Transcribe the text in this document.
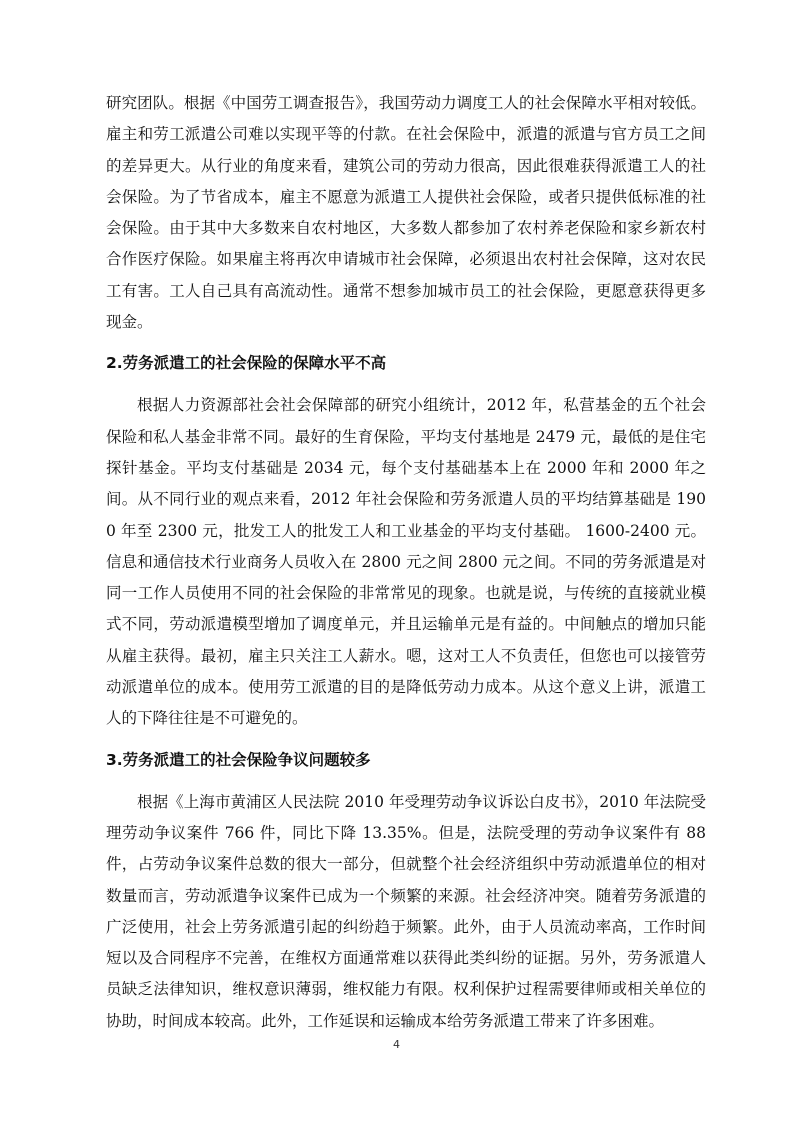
研究团队。根据《中国劳工调查报告》，我国劳动力调度工人的社会保障水平相对较低。雇主和劳工派遣公司难以实现平等的付款。在社会保险中，派遣的派遣与官方员工之间的差异更大。从行业的角度来看，建筑公司的劳动力很高，因此很难获得派遣工人的社会保险。为了节省成本，雇主不愿意为派遣工人提供社会保险，或者只提供低标准的社会保险。由于其中大多数来自农村地区，大多数人都参加了农村养老保险和家乡新农村合作医疗保险。如果雇主将再次申请城市社会保障，必须退出农村社会保障，这对农民工有害。工人自己具有高流动性。通常不想参加城市员工的社会保险，更愿意获得更多现金。

2.劳务派遣工的社会保险的保障水平不高

根据人力资源部社会社会保障部的研究小组统计，2012 年，私营基金的五个社会保险和私人基金非常不同。最好的生育保险，平均支付基地是 2479 元，最低的是住宅探针基金。平均支付基础是 2034 元，每个支付基础基本上在 2000 年和 2000 年之间。从不同行业的观点来看，2012 年社会保险和劳务派遣人员的平均结算基础是 1900 年至 2300 元，批发工人的批发工人和工业基金的平均支付基础。 1600-2400 元。信息和通信技术行业商务人员收入在 2800 元之间 2800 元之间。不同的劳务派遣是对同一工作人员使用不同的社会保险的非常常见的现象。也就是说，与传统的直接就业模式不同，劳动派遣模型增加了调度单元，并且运输单元是有益的。中间触点的增加只能从雇主获得。最初，雇主只关注工人薪水。嗯，这对工人不负责任，但您也可以接管劳动派遣单位的成本。使用劳工派遣的目的是降低劳动力成本。从这个意义上讲，派遣工人的下降往往是不可避免的。

3.劳务派遣工的社会保险争议问题较多

根据《上海市黄浦区人民法院 2010 年受理劳动争议诉讼白皮书》，2010 年法院受理劳动争议案件 766 件，同比下降 13.35%。但是，法院受理的劳动争议案件有 88 件，占劳动争议案件总数的很大一部分，但就整个社会经济组织中劳动派遣单位的相对数量而言，劳动派遣争议案件已成为一个频繁的来源。社会经济冲突。随着劳务派遣的广泛使用，社会上劳务派遣引起的纠纷趋于频繁。此外，由于人员流动率高，工作时间短以及合同程序不完善，在维权方面通常难以获得此类纠纷的证据。另外，劳务派遣人员缺乏法律知识，维权意识薄弱，维权能力有限。权利保护过程需要律师或相关单位的协助，时间成本较高。此外，工作延误和运输成本给劳务派遣工带来了许多困难。

4
